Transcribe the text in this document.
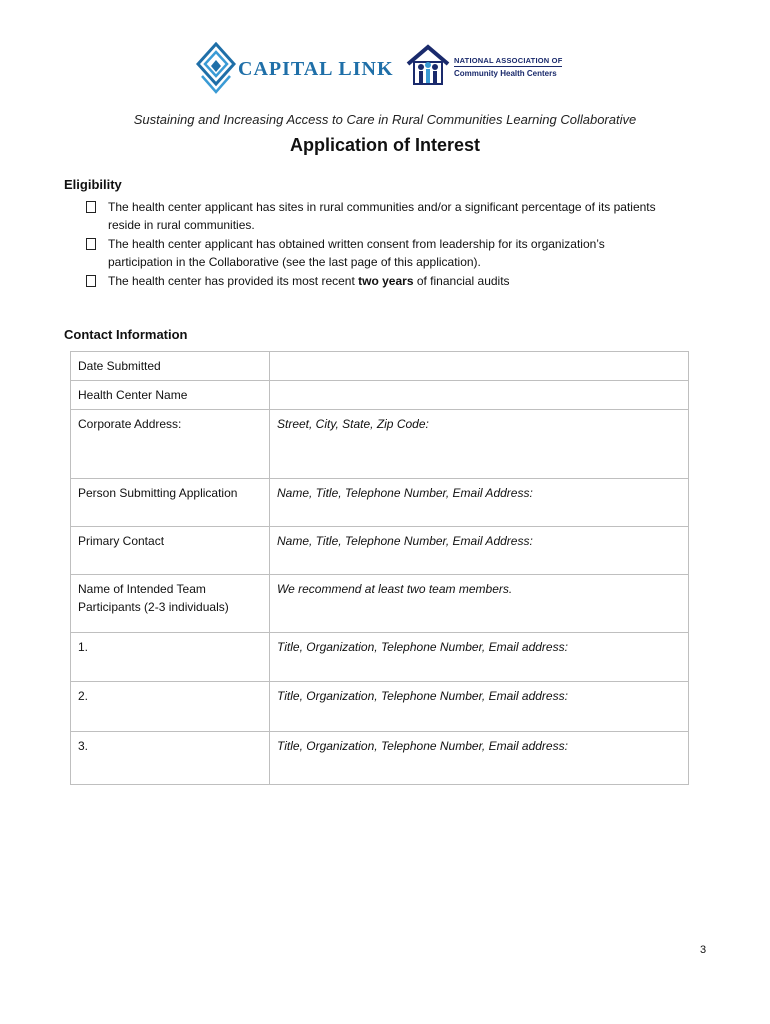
CAPITAL LINK	NATIONAL ASSOCIATION OF
Community Health Centers
Sustaining and Increasing Access to Care in Rural Communities Learning Collaborative
Application of Interest
Eligibility
The health center applicant has sites in rural communities and/or a significant percentage of its patients reside in rural communities.
The health center applicant has obtained written consent from leadership for its organization’s participation in the Collaborative (see the last page of this application).
The health center has provided its most recent two years of financial audits
Contact Information
Date Submitted	
Health Center Name	
Corporate Address:	Street, City, State, Zip Code:
Person Submitting Application	Name, Title, Telephone Number, Email Address:
Primary Contact	Name, Title, Telephone Number, Email Address:
Name of Intended Team Participants (2-3 individuals)	We recommend at least two team members.
1.	Title, Organization, Telephone Number, Email address:
2.	Title, Organization, Telephone Number, Email address:
3.	Title, Organization, Telephone Number, Email address:
3
